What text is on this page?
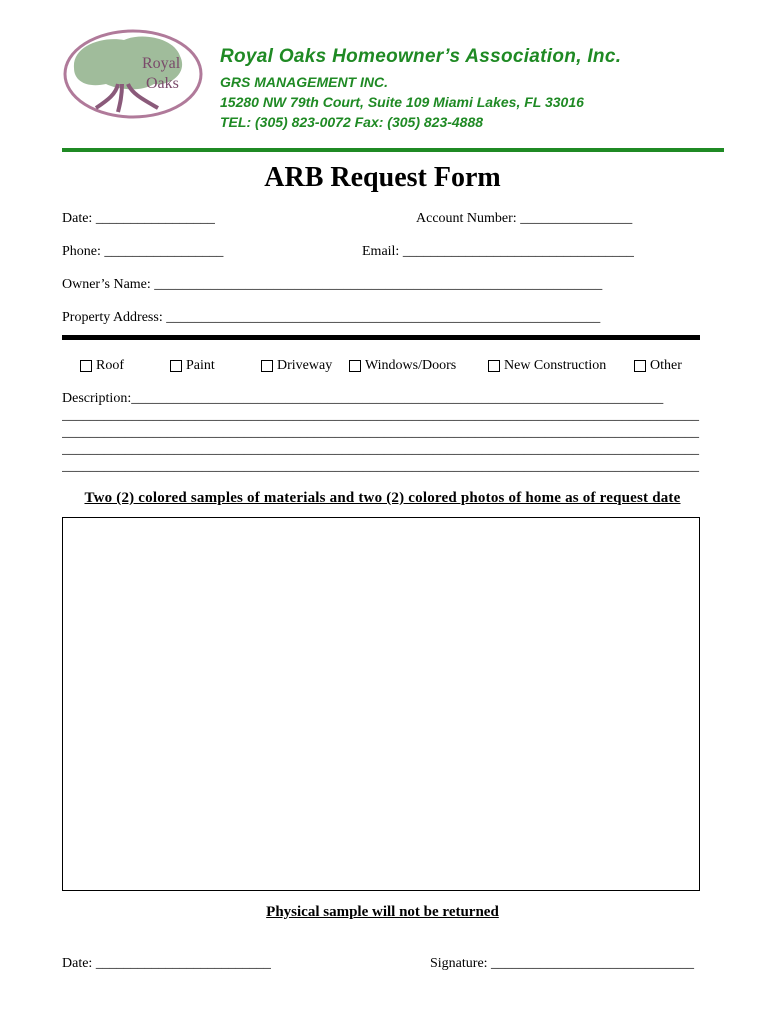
Royal
Oaks
Royal Oaks Homeowner’s Association, Inc.
GRS MANAGEMENT INC.
15280 NW 79th Court, Suite 109 Miami Lakes, FL 33016
TEL: (305) 823-0072 Fax: (305) 823-4888
ARB Request Form
Date: _________________	Account Number: ________________
Phone: _________________	Email: _________________________________
Owner’s Name: ________________________________________________________________
Property Address: ______________________________________________________________
Roof	Paint	Driveway Windows/Doors	New Construction	Other
Description:____________________________________________________________________________
___________________________________________________________________________________________
___________________________________________________________________________________________
___________________________________________________________________________________________
___________________________________________________________________________________________
Two (2) colored samples of materials and two (2) colored photos of home as of request date
Physical sample will not be returned
Date: _________________________	Signature: _____________________________
